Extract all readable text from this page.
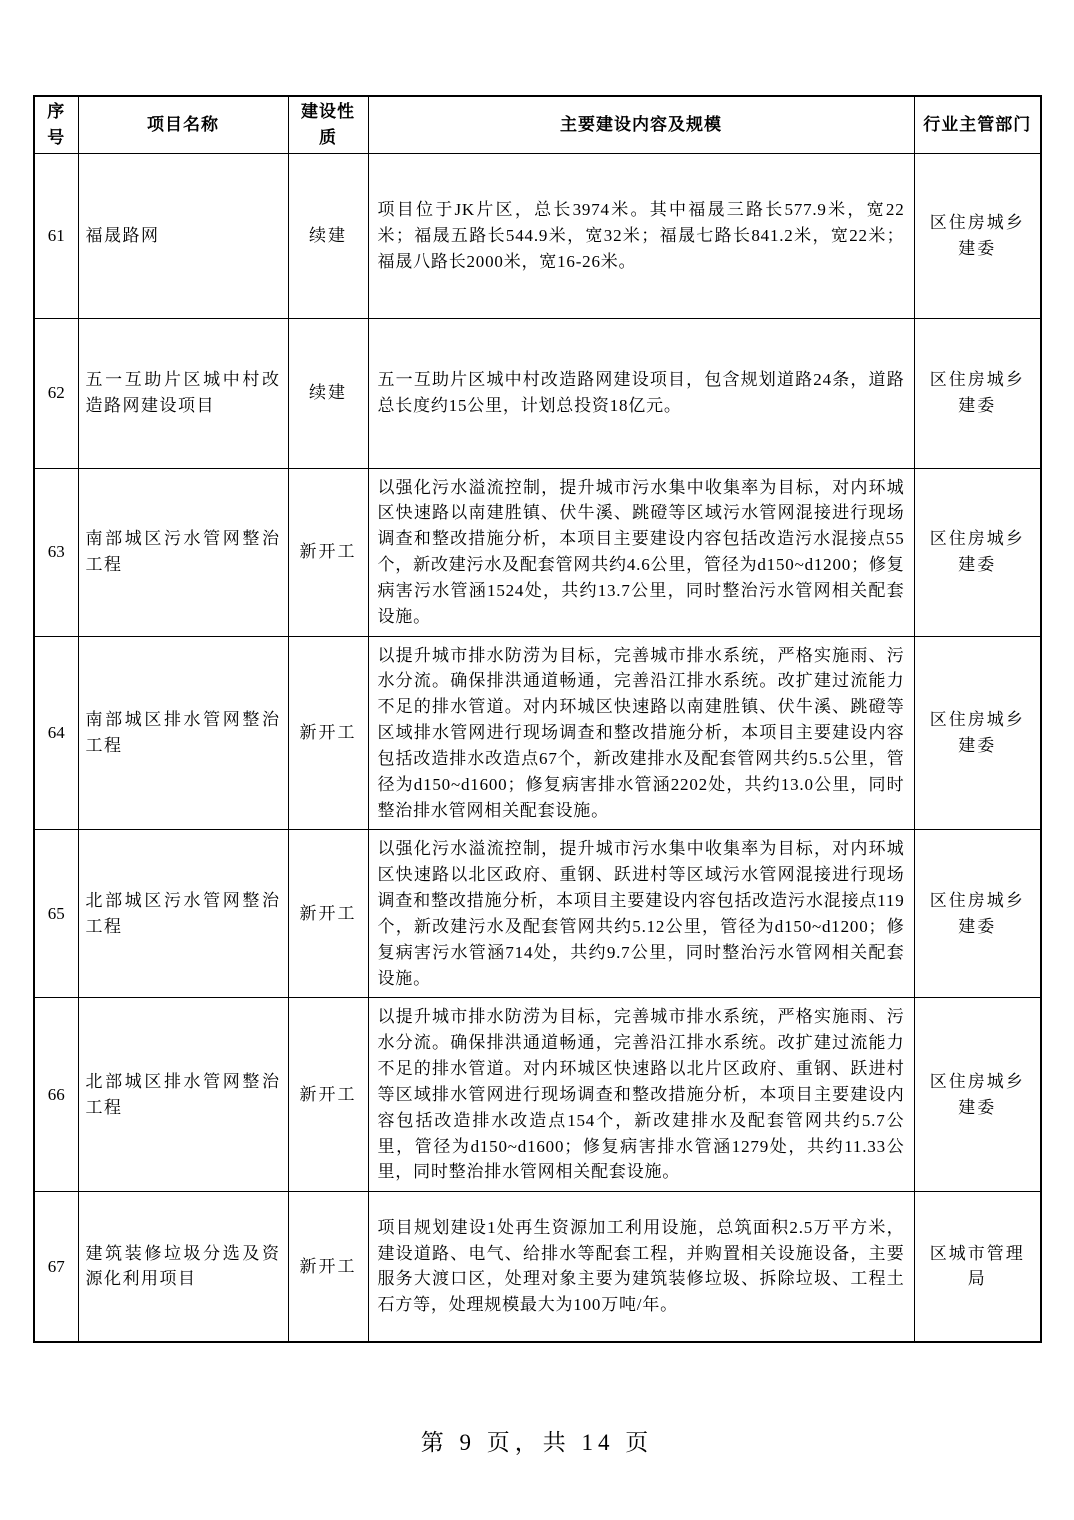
序号	项目名称	建设性质	主要建设内容及规模	行业主管部门
61	福晟路网	续建	项目位于JK片区，总长3974米。其中福晟三路长577.9米，宽22米；福晟五路长544.9米，宽32米；福晟七路长841.2米，宽22米；福晟八路长2000米，宽16-26米。	区住房城乡建委
62	五一互助片区城中村改造路网建设项目	续建	五一互助片区城中村改造路网建设项目，包含规划道路24条，道路总长度约15公里，计划总投资18亿元。	区住房城乡建委
63	南部城区污水管网整治工程	新开工	以强化污水溢流控制，提升城市污水集中收集率为目标，对内环城区快速路以南建胜镇、伏牛溪、跳磴等区域污水管网混接进行现场调查和整改措施分析，本项目主要建设内容包括改造污水混接点55个，新改建污水及配套管网共约4.6公里，管径为d150~d1200；修复病害污水管涵1524处，共约13.7公里，同时整治污水管网相关配套设施。	区住房城乡建委
64	南部城区排水管网整治工程	新开工	以提升城市排水防涝为目标，完善城市排水系统，严格实施雨、污水分流。确保排洪通道畅通，完善沿江排水系统。改扩建过流能力不足的排水管道。对内环城区快速路以南建胜镇、伏牛溪、跳磴等区域排水管网进行现场调查和整改措施分析，本项目主要建设内容包括改造排水改造点67个，新改建排水及配套管网共约5.5公里，管径为d150~d1600；修复病害排水管涵2202处，共约13.0公里，同时整治排水管网相关配套设施。	区住房城乡建委
65	北部城区污水管网整治工程	新开工	以强化污水溢流控制，提升城市污水集中收集率为目标，对内环城区快速路以北区政府、重钢、跃进村等区域污水管网混接进行现场调查和整改措施分析，本项目主要建设内容包括改造污水混接点119个，新改建污水及配套管网共约5.12公里，管径为d150~d1200；修复病害污水管涵714处，共约9.7公里，同时整治污水管网相关配套设施。	区住房城乡建委
66	北部城区排水管网整治工程	新开工	以提升城市排水防涝为目标，完善城市排水系统，严格实施雨、污水分流。确保排洪通道畅通，完善沿江排水系统。改扩建过流能力不足的排水管道。对内环城区快速路以北片区政府、重钢、跃进村等区域排水管网进行现场调查和整改措施分析，本项目主要建设内容包括改造排水改造点154个，新改建排水及配套管网共约5.7公里，管径为d150~d1600；修复病害排水管涵1279处，共约11.33公里，同时整治排水管网相关配套设施。	区住房城乡建委
67	建筑装修垃圾分选及资源化利用项目	新开工	项目规划建设1处再生资源加工利用设施，总筑面积2.5万平方米，建设道路、电气、给排水等配套工程，并购置相关设施设备，主要服务大渡口区，处理对象主要为建筑装修垃圾、拆除垃圾、工程土石方等，处理规模最大为100万吨/年。	区城市管理局
第 9 页，共 14 页
